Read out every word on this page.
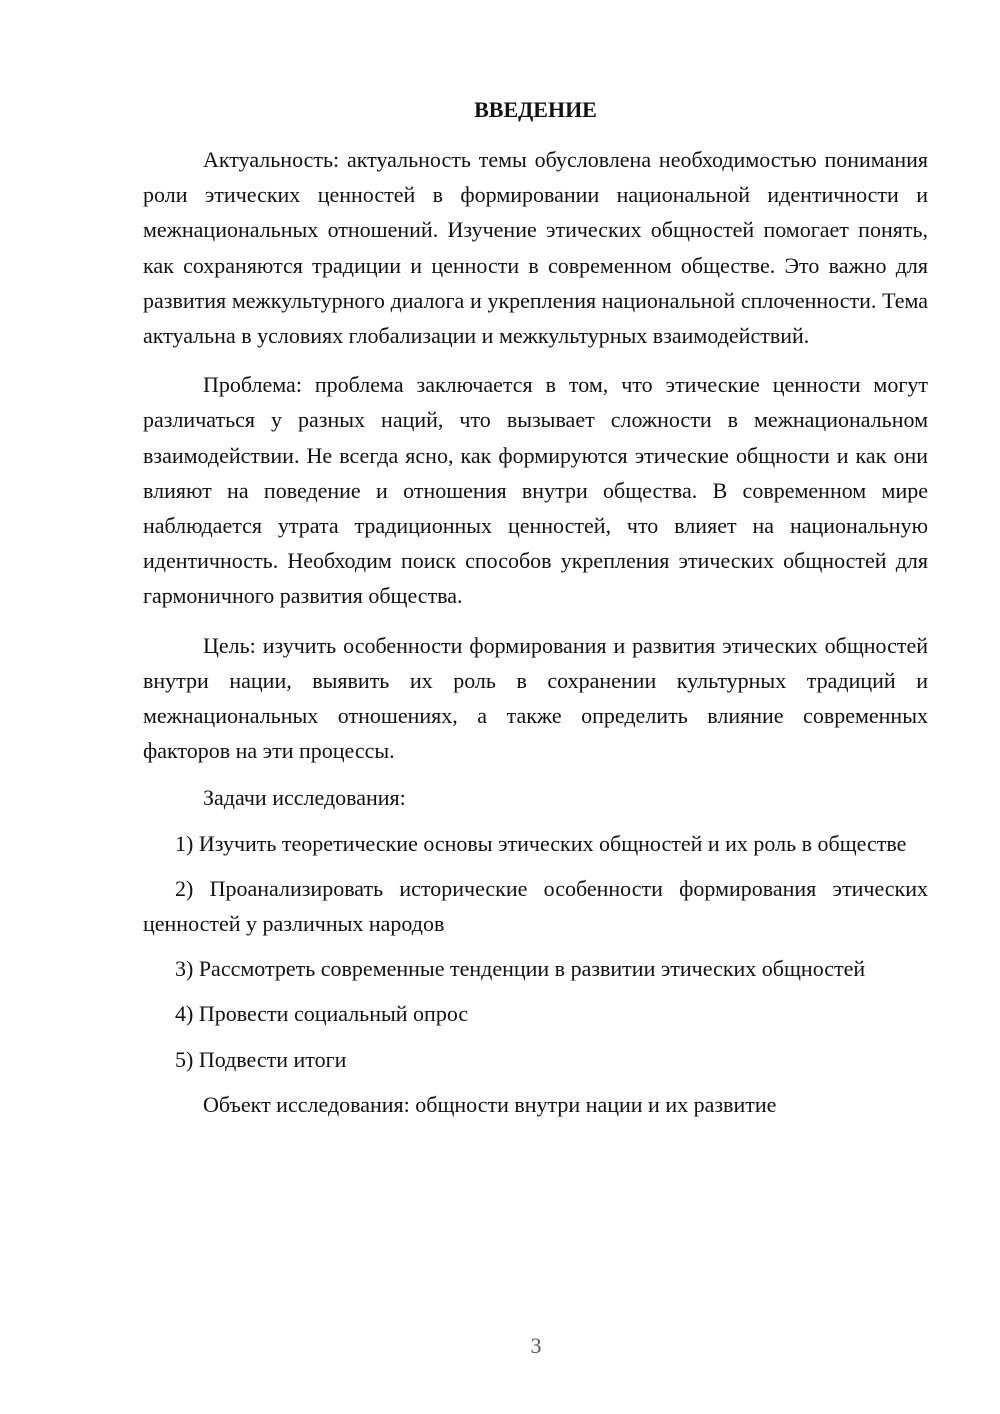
ВВЕДЕНИЕ

Актуальность: актуальность темы обусловлена необходимостью понимания роли этических ценностей в формировании национальной идентичности и межнациональных отношений. Изучение этических общностей помогает понять, как сохраняются традиции и ценности в современном обществе. Это важно для развития межкультурного диалога и укрепления национальной сплоченности. Тема актуальна в условиях глобализации и межкультурных взаимодействий.

Проблема: проблема заключается в том, что этические ценности могут различаться у разных наций, что вызывает сложности в межнациональном взаимодействии. Не всегда ясно, как формируются этические общности и как они влияют на поведение и отношения внутри общества. В современном мире наблюдается утрата традиционных ценностей, что влияет на национальную идентичность. Необходим поиск способов укрепления этических общностей для гармоничного развития общества.

Цель: изучить особенности формирования и развития этических общностей внутри нации, выявить их роль в сохранении культурных традиций и межнациональных отношениях, а также определить влияние современных факторов на эти процессы.

Задачи исследования:

1) Изучить теоретические основы этических общностей и их роль в обществе

2) Проанализировать исторические особенности формирования этических ценностей у различных народов

3) Рассмотреть современные тенденции в развитии этических общностей

4) Провести социальный опрос

5) Подвести итоги

Объект исследования: общности внутри нации и их развитие

3
